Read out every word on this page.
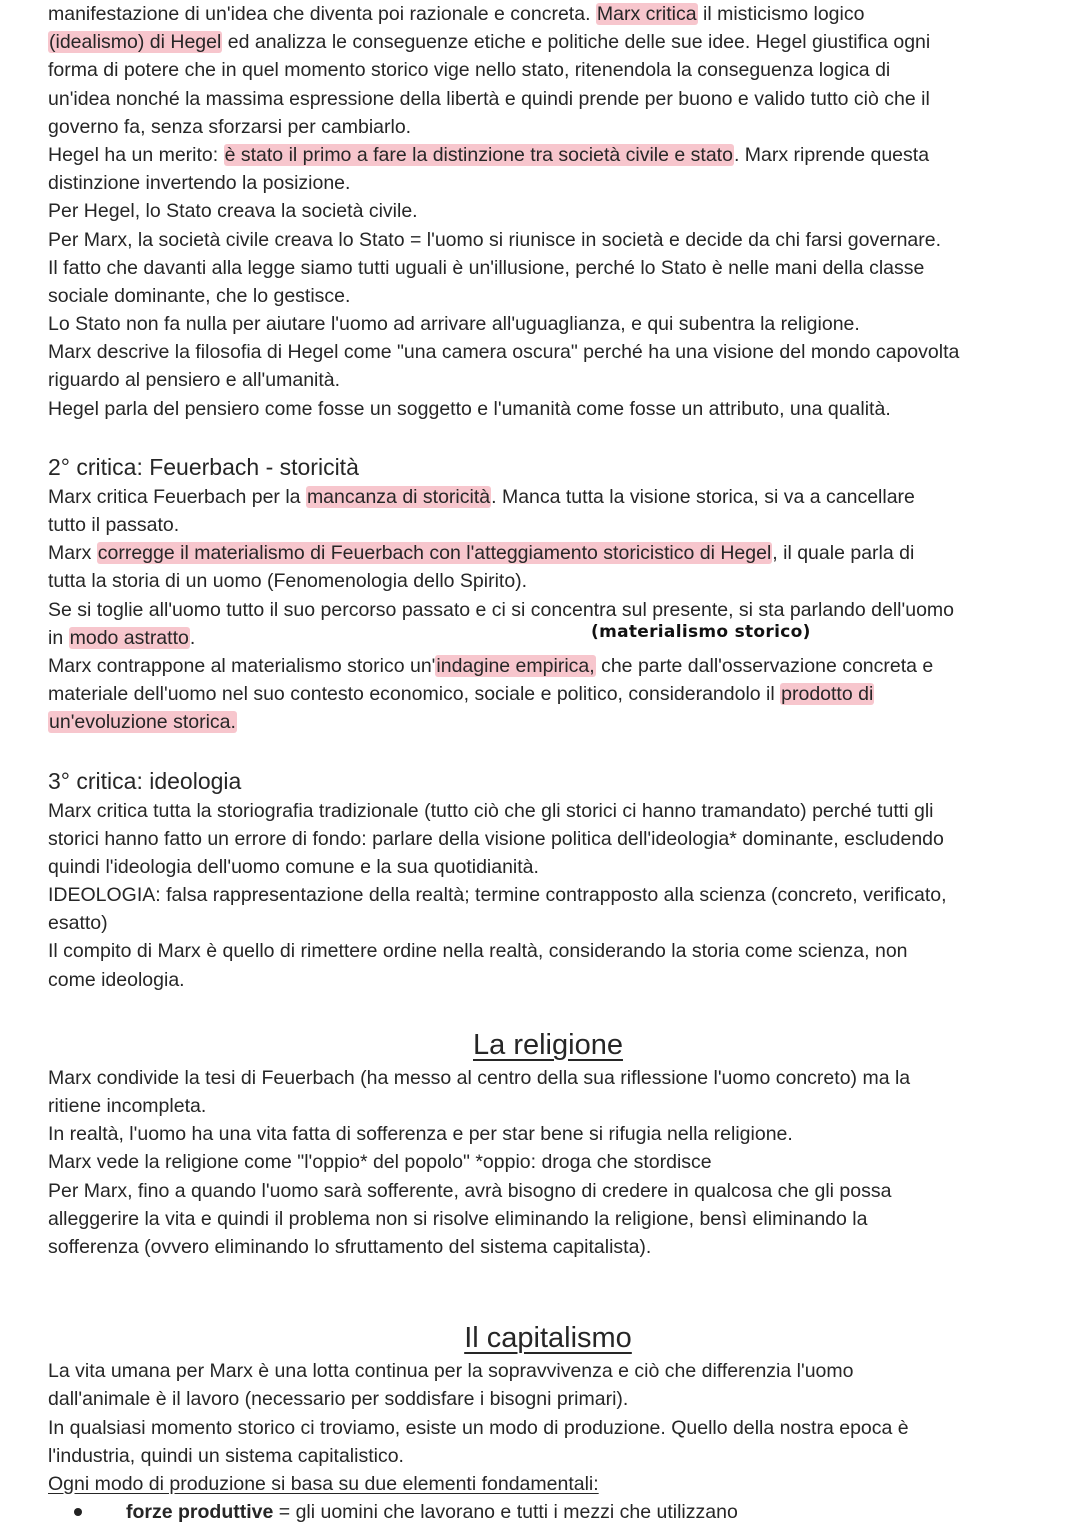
manifestazione di un'idea che diventa poi razionale e concreta. Marx critica il misticismo logico
(idealismo) di Hegel ed analizza le conseguenze etiche e politiche delle sue idee. Hegel giustifica ogni
forma di potere che in quel momento storico vige nello stato, ritenendola la conseguenza logica di
un'idea nonché la massima espressione della libertà e quindi prende per buono e valido tutto ciò che il
governo fa, senza sforzarsi per cambiarlo.
Hegel ha un merito: è stato il primo a fare la distinzione tra società civile e stato. Marx riprende questa
distinzione invertendo la posizione.
Per Hegel, lo Stato creava la società civile.
Per Marx, la società civile creava lo Stato = l'uomo si riunisce in società e decide da chi farsi governare.
Il fatto che davanti alla legge siamo tutti uguali è un'illusione, perché lo Stato è nelle mani della classe
sociale dominante, che lo gestisce.
Lo Stato non fa nulla per aiutare l'uomo ad arrivare all'uguaglianza, e qui subentra la religione.
Marx descrive la filosofia di Hegel come "una camera oscura" perché ha una visione del mondo capovolta
riguardo al pensiero e all'umanità.
Hegel parla del pensiero come fosse un soggetto e l'umanità come fosse un attributo, una qualità.
2° critica: Feuerbach - storicità
Marx critica Feuerbach per la mancanza di storicità. Manca tutta la visione storica, si va a cancellare
tutto il passato.
Marx corregge il materialismo di Feuerbach con l'atteggiamento storicistico di Hegel, il quale parla di
tutta la storia di un uomo (Fenomenologia dello Spirito).
Se si toglie all'uomo tutto il suo percorso passato e ci si concentra sul presente, si sta parlando dell'uomo
in modo astratto.	(materialismo storico)
Marx contrappone al materialismo storico un'indagine empirica, che parte dall'osservazione concreta e
materiale dell'uomo nel suo contesto economico, sociale e politico, considerandolo il prodotto di
un'evoluzione storica.
3° critica: ideologia
Marx critica tutta la storiografia tradizionale (tutto ciò che gli storici ci hanno tramandato) perché tutti gli
storici hanno fatto un errore di fondo: parlare della visione politica dell'ideologia* dominante, escludendo
quindi l'ideologia dell'uomo comune e la sua quotidianità.
IDEOLOGIA: falsa rappresentazione della realtà; termine contrapposto alla scienza (concreto, verificato,
esatto)
Il compito di Marx è quello di rimettere ordine nella realtà, considerando la storia come scienza, non
come ideologia.
La religione
Marx condivide la tesi di Feuerbach (ha messo al centro della sua riflessione l'uomo concreto) ma la
ritiene incompleta.
In realtà, l'uomo ha una vita fatta di sofferenza e per star bene si rifugia nella religione.
Marx vede la religione come "l'oppio* del popolo" *oppio: droga che stordisce
Per Marx, fino a quando l'uomo sarà sofferente, avrà bisogno di credere in qualcosa che gli possa
alleggerire la vita e quindi il problema non si risolve eliminando la religione, bensì eliminando la
sofferenza (ovvero eliminando lo sfruttamento del sistema capitalista).
Il capitalismo
La vita umana per Marx è una lotta continua per la sopravvivenza e ciò che differenzia l'uomo
dall'animale è il lavoro (necessario per soddisfare i bisogni primari).
In qualsiasi momento storico ci troviamo, esiste un modo di produzione. Quello della nostra epoca è
l'industria, quindi un sistema capitalistico.
Ogni modo di produzione si basa su due elementi fondamentali:
forze produttive = gli uomini che lavorano e tutti i mezzi che utilizzano
